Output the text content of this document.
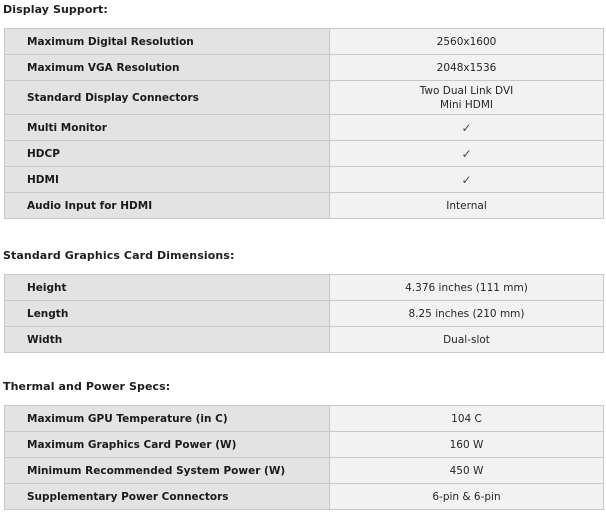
Display Support:
Maximum Digital Resolution	2560x1600
Maximum VGA Resolution	2048x1536
Standard Display Connectors	Two Dual Link DVI
Mini HDMI

Multi Monitor	✓
HDCP	✓
HDMI	✓
Audio Input for HDMI	Internal
Standard Graphics Card Dimensions:
Height	4.376 inches (111 mm)
Length	8.25 inches (210 mm)
Width	Dual-slot
Thermal and Power Specs:
Maximum GPU Temperature (in C)	104 C
Maximum Graphics Card Power (W)	160 W
Minimum Recommended System Power (W)	450 W
Supplementary Power Connectors	6-pin & 6-pin
